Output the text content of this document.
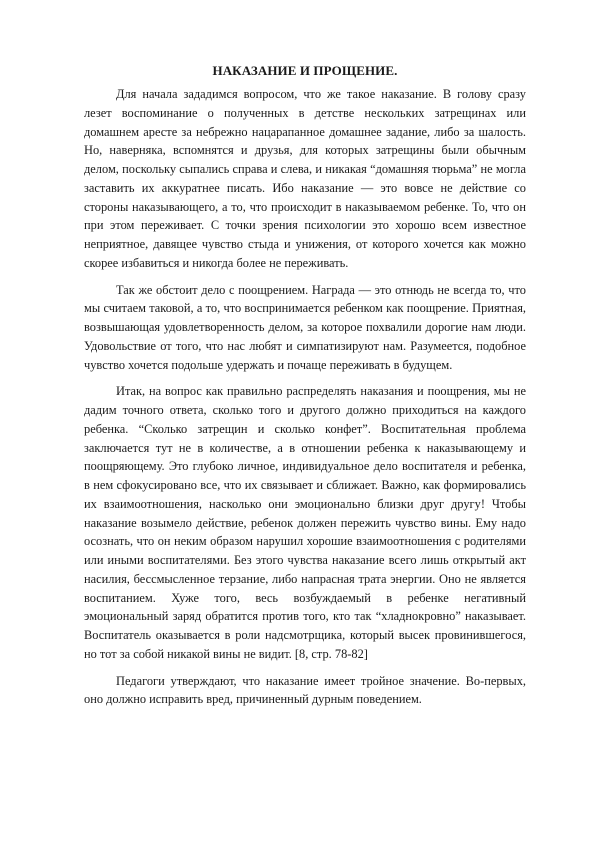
НАКАЗАНИЕ И ПРОЩЕНИЕ.

Для начала зададимся вопросом, что же такое наказание. В голову сразу лезет воспоминание о полученных в детстве нескольких затрещинах или домашнем аресте за небрежно нацарапанное домашнее задание, либо за шалость. Но, наверняка, вспомнятся и друзья, для которых затрещины были обычным делом, поскольку сыпались справа и слева, и никакая “домашняя тюрьма” не могла заставить их аккуратнее писать. Ибо наказание — это вовсе не действие со стороны наказывающего, а то, что происходит в наказываемом ребенке. То, что он при этом переживает. С точки зрения психологии это хорошо всем известное неприятное, давящее чувство стыда и унижения, от которого хочется как можно скорее избавиться и никогда более не переживать.

Так же обстоит дело с поощрением. Награда — это отнюдь не всегда то, что мы считаем таковой, а то, что воспринимается ребенком как поощрение. Приятная, возвышающая удовлетворенность делом, за которое похвалили дорогие нам люди. Удовольствие от того, что нас любят и симпатизируют нам. Разумеется, подобное чувство хочется подольше удержать и почаще переживать в будущем.

Итак, на вопрос как правильно распределять наказания и поощрения, мы не дадим точного ответа, сколько того и другого должно приходиться на каждого ребенка. “Сколько затрещин и сколько конфет”. Воспитательная проблема заключается тут не в количестве, а в отношении ребенка к наказывающему и поощряющему. Это глубоко личное, индивидуальное дело воспитателя и ребенка, в нем сфокусировано все, что их связывает и сближает. Важно, как формировались их взаимоотношения, насколько они эмоционально близки друг другу! Чтобы наказание возымело действие, ребенок должен пережить чувство вины. Ему надо осознать, что он неким образом нарушил хорошие взаимоотношения с родителями или иными воспитателями. Без этого чувства наказание всего лишь открытый акт насилия, бессмысленное терзание, либо напрасная трата энергии. Оно не является воспитанием. Хуже того, весь возбуждаемый в ребенке негативный эмоциональный заряд обратится против того, кто так “хладнокровно” наказывает. Воспитатель оказывается в роли надсмотрщика, который высек провинившегося, но тот за собой никакой вины не видит. [8, стр. 78-82]

Педагоги утверждают, что наказание имеет тройное значение. Во-первых, оно должно исправить вред, причиненный дурным поведением.
